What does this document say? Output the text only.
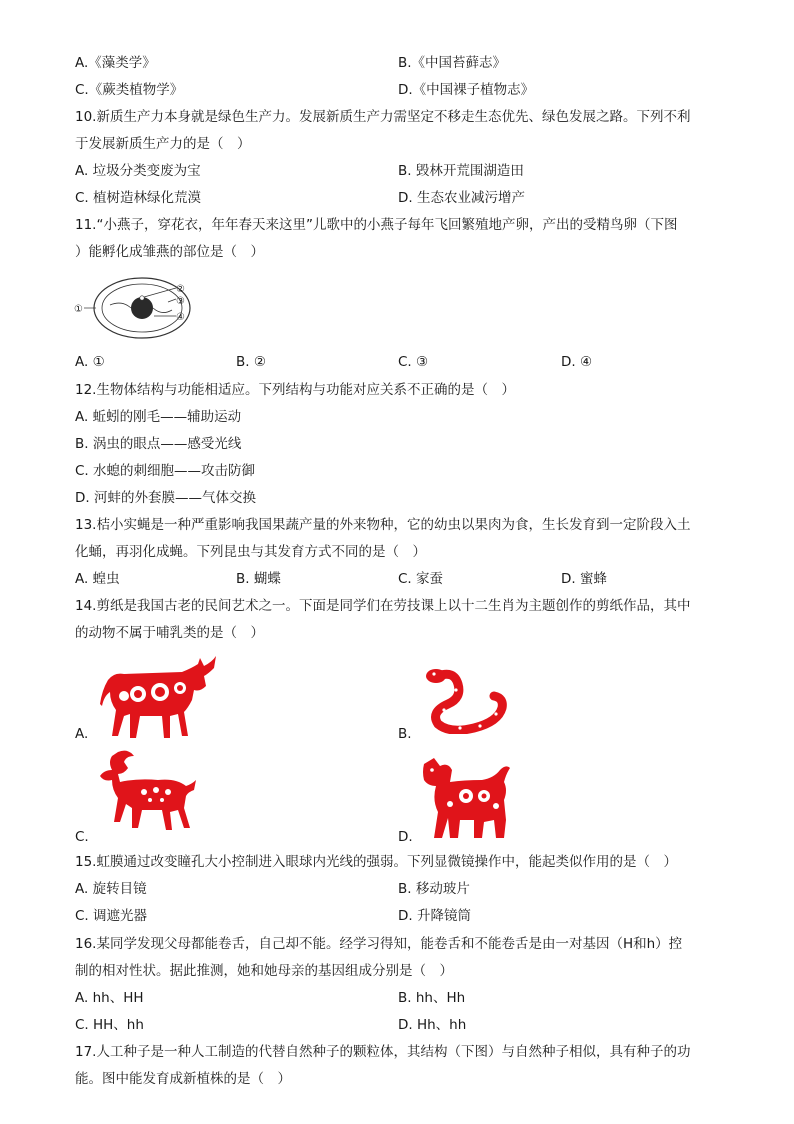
A.《藻类学》	B.《中国苔藓志》
C.《蕨类植物学》	D.《中国裸子植物志》
10.新质生产力本身就是绿色生产力。发展新质生产力需坚定不移走生态优先、绿色发展之路。下列不利
于发展新质生产力的是（　）
A. 垃圾分类变废为宝	B. 毁林开荒围湖造田
C. 植树造林绿化荒漠	D. 生态农业减污增产
11.“小燕子，穿花衣，年年春天来这里”儿歌中的小燕子每年飞回繁殖地产卵，产出的受精鸟卵（下图
）能孵化成雏燕的部位是（　）
①
②
③
④
A. ①	B. ②	C. ③	D. ④
12.生物体结构与功能相适应。下列结构与功能对应关系不正确的是（　）
A. 蚯蚓的刚毛——辅助运动
B. 涡虫的眼点——感受光线
C. 水螅的刺细胞——攻击防御
D. 河蚌的外套膜——气体交换
13.桔小实蝇是一种严重影响我国果蔬产量的外来物种，它的幼虫以果肉为食，生长发育到一定阶段入土
化蛹，再羽化成蝇。下列昆虫与其发育方式不同的是（　）
A. 蝗虫	B. 蝴蝶	C. 家蚕	D. 蜜蜂
14.剪纸是我国古老的民间艺术之一。下面是同学们在劳技课上以十二生肖为主题创作的剪纸作品，其中
的动物不属于哺乳类的是（　）
A.	B.
C.	D.
15.虹膜通过改变瞳孔大小控制进入眼球内光线的强弱。下列显微镜操作中，能起类似作用的是（　）
A. 旋转目镜	B. 移动玻片
C. 调遮光器	D. 升降镜筒
16.某同学发现父母都能卷舌，自己却不能。经学习得知，能卷舌和不能卷舌是由一对基因（H和h）控
制的相对性状。据此推测，她和她母亲的基因组成分别是（　）
A. hh、HH	B. hh、Hh
C. HH、hh	D. Hh、hh
17.人工种子是一种人工制造的代替自然种子的颗粒体，其结构（下图）与自然种子相似，具有种子的功
能。图中能发育成新植株的是（　）
